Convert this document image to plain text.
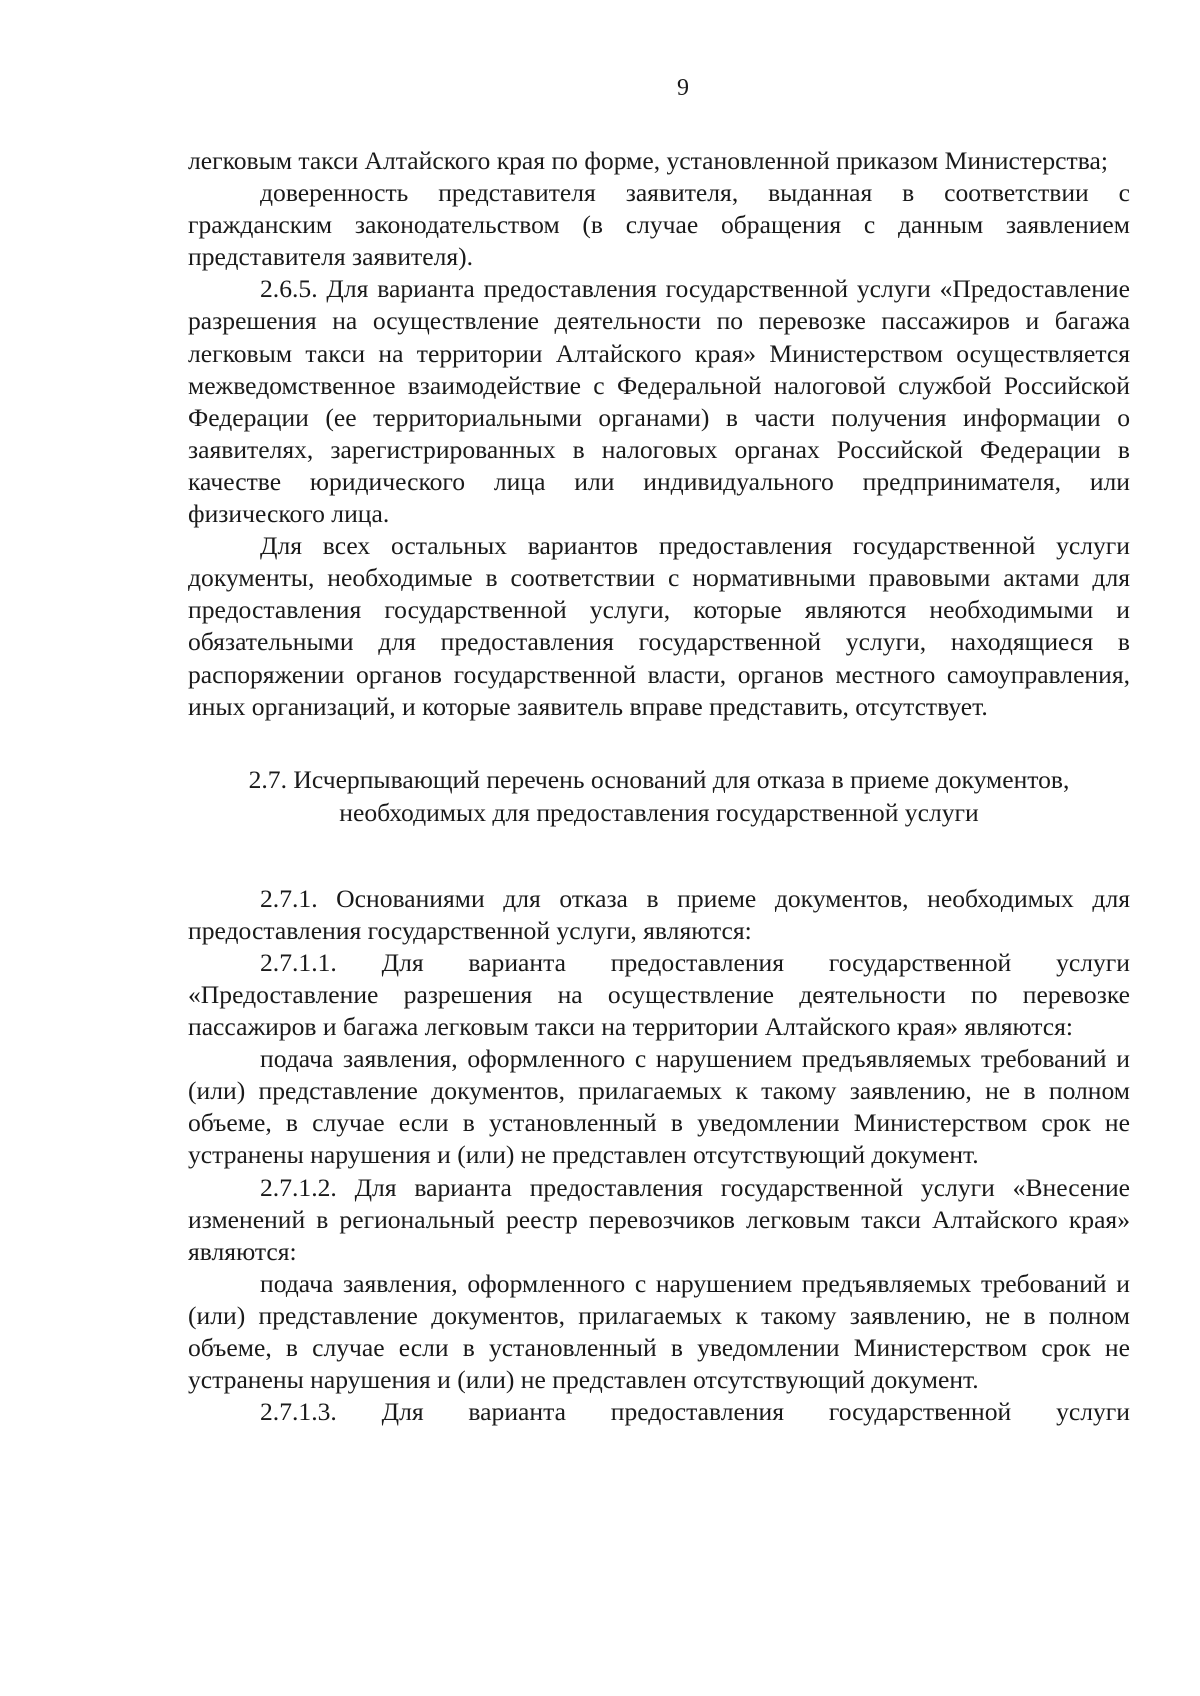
9

легковым такси Алтайского края по форме, установленной приказом Министерства;

доверенность представителя заявителя, выданная в соответствии с гражданским законодательством (в случае обращения с данным заявлением представителя заявителя).

2.6.5. Для варианта предоставления государственной услуги «Предоставление разрешения на осуществление деятельности по перевозке пассажиров и багажа легковым такси на территории Алтайского края» Министерством осуществляется межведомственное взаимодействие с Федеральной налоговой службой Российской Федерации (ее территориальными органами) в части получения информации о заявителях, зарегистрированных в налоговых органах Российской Федерации в качестве юридического лица или индивидуального предпринимателя, или физического лица.

Для всех остальных вариантов предоставления государственной услуги документы, необходимые в соответствии с нормативными правовыми актами для предоставления государственной услуги, которые являются необходимыми и обязательными для предоставления государственной услуги, находящиеся в распоряжении органов государственной власти, органов местного самоуправления, иных организаций, и которые заявитель вправе представить, отсутствует.

2.7. Исчерпывающий перечень оснований для отказа в приеме документов,
необходимых для предоставления государственной услуги

2.7.1. Основаниями для отказа в приеме документов, необходимых для предоставления государственной услуги, являются:

2.7.1.1. Для варианта предоставления государственной услуги «Предоставление разрешения на осуществление деятельности по перевозке пассажиров и багажа легковым такси на территории Алтайского края» являются:

подача заявления, оформленного с нарушением предъявляемых требований и (или) представление документов, прилагаемых к такому заявлению, не в полном объеме, в случае если в установленный в уведомлении Министерством срок не устранены нарушения и (или) не представлен отсутствующий документ.

2.7.1.2. Для варианта предоставления государственной услуги «Внесение изменений в региональный реестр перевозчиков легковым такси Алтайского края» являются:

подача заявления, оформленного с нарушением предъявляемых требований и (или) представление документов, прилагаемых к такому заявлению, не в полном объеме, в случае если в установленный в уведомлении Министерством срок не устранены нарушения и (или) не представлен отсутствующий документ.

2.7.1.3. Для варианта предоставления государственной услуги
